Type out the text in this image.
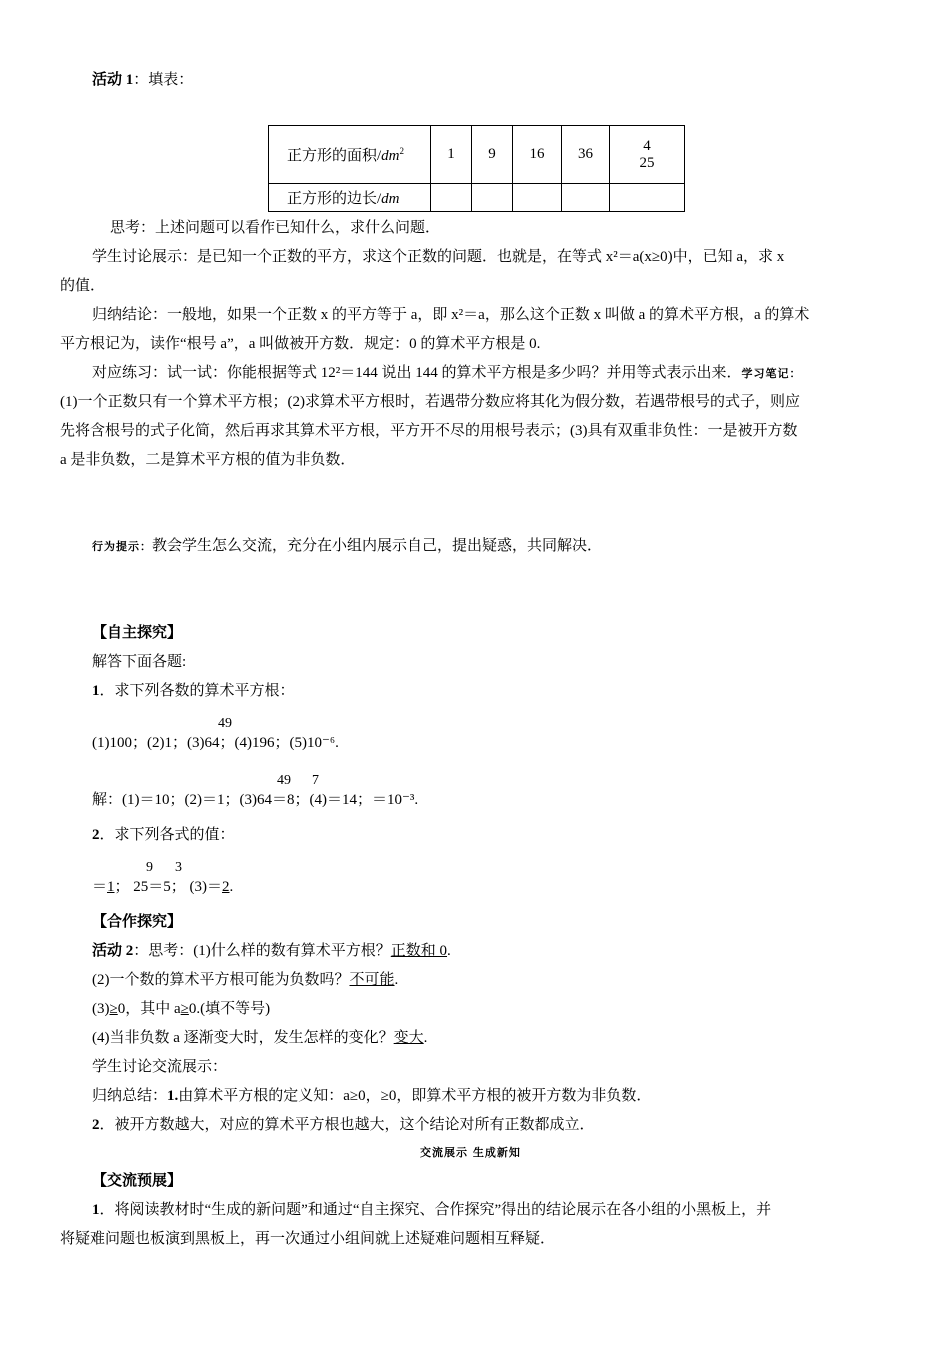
活动 1：填表：
正方形的面积$/dm^2$	1	9	16	36	4
25
正方形的边长/dm					
思考：上述问题可以看作已知什么，求什么问题．
学生讨论展示：是已知一个正数的平方，求这个正数的问题．也就是，在等式 x²＝a(x≥0)中，已知 a，求 x
的值．
归纳结论：一般地，如果一个正数 x 的平方等于 a，即 x²＝a，那么这个正数 x 叫做 a 的算术平方根，a 的算术
平方根记为，读作“根号 a”，a 叫做被开方数．规定：0 的算术平方根是 0.
对应练习：试一试：你能根据等式 12²＝144 说出 144 的算术平方根是多少吗？并用等式表示出来．学习笔记：
(1)一个正数只有一个算术平方根；(2)求算术平方根时，若遇带分数应将其化为假分数，若遇带根号的式子，则应
先将含根号的式子化简，然后再求其算术平方根，平方开不尽的用根号表示；(3)具有双重非负性：一是被开方数
a 是非负数，二是算术平方根的值为非负数．
行为提示：教会学生怎么交流，充分在小组内展示自己，提出疑惑，共同解决．
【自主探究】
解答下面各题:
1．求下列各数的算术平方根：
49
(1)100；(2)1；(3)64；(4)196；(5)10⁻⁶.
49 7
解：(1)＝10；(2)＝1；(3)64＝8；(4)＝14；＝10⁻³.
2．求下列各式的值：
9 3
＝1； 25＝5； (3)＝2.
【合作探究】
活动 2：思考：(1)什么样的数有算术平方根？正数和 0.
(2)一个数的算术平方根可能为负数吗？不可能.
(3)≥0，其中 a≥0.(填不等号)
(4)当非负数 a 逐渐变大时，发生怎样的变化？变大.
学生讨论交流展示：
归纳总结：1.由算术平方根的定义知：a≥0，≥0，即算术平方根的被开方数为非负数．
2．被开方数越大，对应的算术平方根也越大，这个结论对所有正数都成立．
交流展示 生成新知
【交流预展】
1．将阅读教材时“生成的新问题”和通过“自主探究、合作探究”得出的结论展示在各小组的小黑板上，并
将疑难问题也板演到黑板上，再一次通过小组间就上述疑难问题相互释疑．
